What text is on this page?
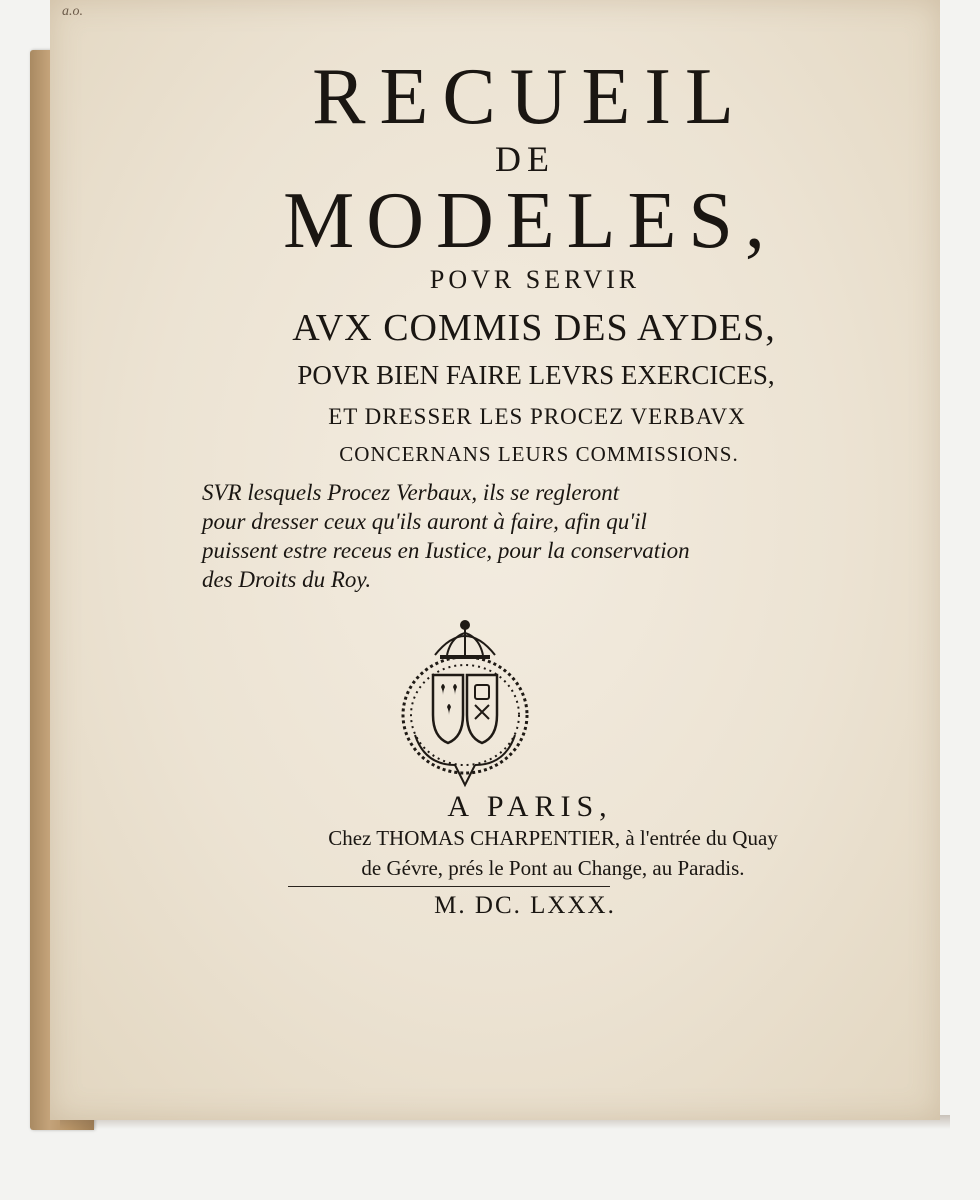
a.o.
RECUEIL
DE
MODELES,
POVR SERVIR
AVX COMMIS DES AYDES,
POVR BIEN FAIRE LEVRS EXERCICES,
ET DRESSER LES PROCEZ VERBAVX
CONCERNANS LEURS COMMISSIONS.
SVR lesquels Procez Verbaux, ils se regleront
pour dresser ceux qu'ils auront à faire, afin qu'il
puissent estre receus en Iustice, pour la conservation
des Droits du Roy.
A PARIS,
Chez THOMAS CHARPENTIER, à l'entrée du Quay
de Gévre, prés le Pont au Change, au Paradis.
M. DC. LXXX.
